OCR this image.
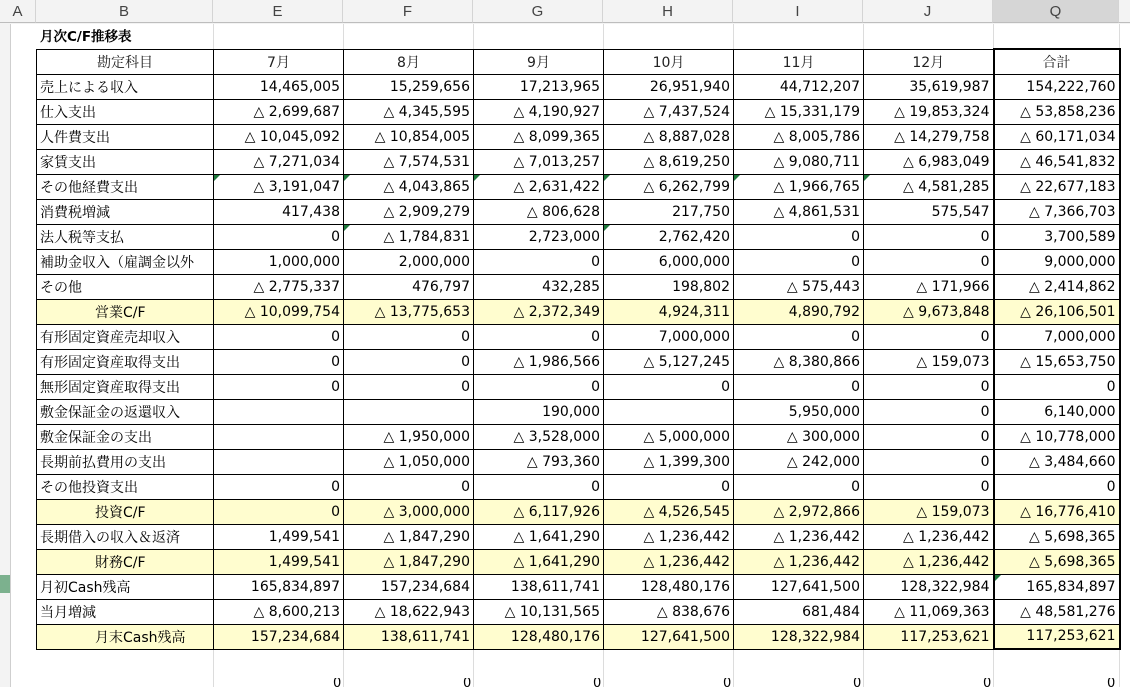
A	B	E	F	G	H	I	J	Q
月次C/F推移表
勘定科目	7月	8月	9月	10月	11月	12月	合計
売上による収入	14,465,005	15,259,656	17,213,965	26,951,940	44,712,207	35,619,987	154,222,760
仕入支出	△ 2,699,687	△ 4,345,595	△ 4,190,927	△ 7,437,524	△ 15,331,179	△ 19,853,324	△ 53,858,236
人件費支出	△ 10,045,092	△ 10,854,005	△ 8,099,365	△ 8,887,028	△ 8,005,786	△ 14,279,758	△ 60,171,034
家賃支出	△ 7,271,034	△ 7,574,531	△ 7,013,257	△ 8,619,250	△ 9,080,711	△ 6,983,049	△ 46,541,832
その他経費支出	△ 3,191,047	△ 4,043,865	△ 2,631,422	△ 6,262,799	△ 1,966,765	△ 4,581,285	△ 22,677,183
消費税増減	417,438	△ 2,909,279	△ 806,628	217,750	△ 4,861,531	575,547	△ 7,366,703
法人税等支払	0	△ 1,784,831	2,723,000	2,762,420	0	0	3,700,589
補助金収入（雇調金以外	1,000,000	2,000,000	0	6,000,000	0	0	9,000,000
その他	△ 2,775,337	476,797	432,285	198,802	△ 575,443	△ 171,966	△ 2,414,862
営業C/F	△ 10,099,754	△ 13,775,653	△ 2,372,349	4,924,311	4,890,792	△ 9,673,848	△ 26,106,501
有形固定資産売却収入	0	0	0	7,000,000	0	0	7,000,000
有形固定資産取得支出	0	0	△ 1,986,566	△ 5,127,245	△ 8,380,866	△ 159,073	△ 15,653,750
無形固定資産取得支出	0	0	0	0	0	0	0
敷金保証金の返還収入			190,000		5,950,000	0	6,140,000
敷金保証金の支出		△ 1,950,000	△ 3,528,000	△ 5,000,000	△ 300,000	0	△ 10,778,000
長期前払費用の支出		△ 1,050,000	△ 793,360	△ 1,399,300	△ 242,000	0	△ 3,484,660
その他投資支出	0	0	0	0	0	0	0
投資C/F	0	△ 3,000,000	△ 6,117,926	△ 4,526,545	△ 2,972,866	△ 159,073	△ 16,776,410
長期借入の収入＆返済	1,499,541	△ 1,847,290	△ 1,641,290	△ 1,236,442	△ 1,236,442	△ 1,236,442	△ 5,698,365
財務C/F	1,499,541	△ 1,847,290	△ 1,641,290	△ 1,236,442	△ 1,236,442	△ 1,236,442	△ 5,698,365
月初Cash残高	165,834,897	157,234,684	138,611,741	128,480,176	127,641,500	128,322,984	165,834,897
当月増減	△ 8,600,213	△ 18,622,943	△ 10,131,565	△ 838,676	681,484	△ 11,069,363	△ 48,581,276
月末Cash残高	157,234,684	138,611,741	128,480,176	127,641,500	128,322,984	117,253,621	117,253,621
0	0	0	0	0	0	0
